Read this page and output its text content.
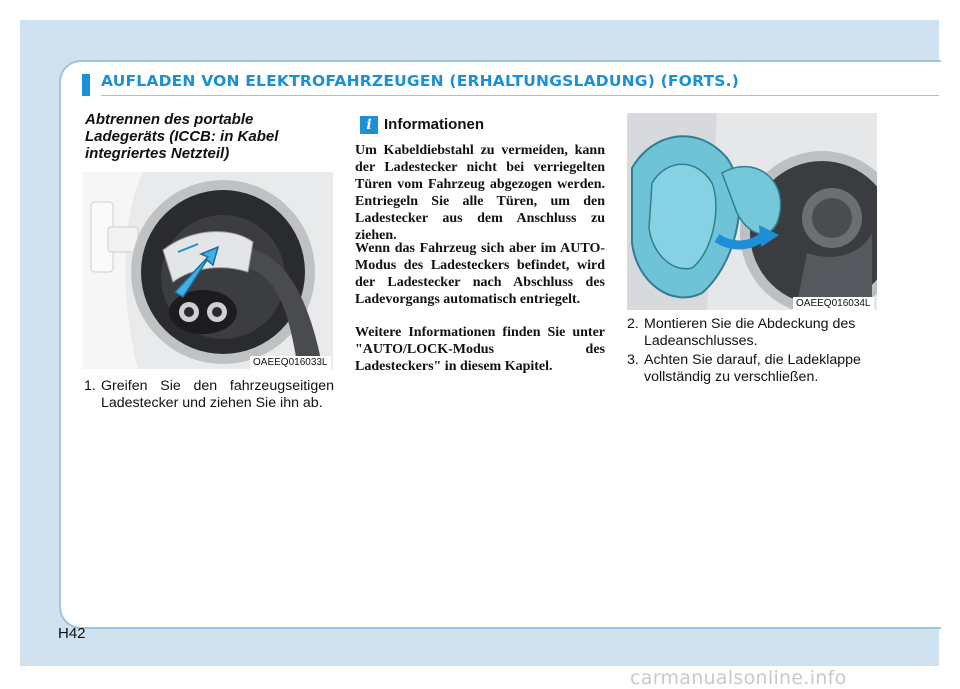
AUFLADEN VON ELEKTROFAHRZEUGEN (ERHALTUNGSLADUNG) (FORTS.)
Abtrennen des portable Ladegeräts (ICCB: in Kabel integriertes Netzteil)
OAEEQ016033L
1. Greifen Sie den fahrzeugseitigen Ladestecker und ziehen Sie ihn ab.
i Informationen

Um Kabeldiebstahl zu vermeiden, kann der Ladestecker nicht bei verriegelten Türen vom Fahrzeug abgezogen werden. Entriegeln Sie alle Türen, um den Ladestecker aus dem Anschluss zu ziehen.

Wenn das Fahrzeug sich aber im AUTO-Modus des Ladesteckers befindet, wird der Ladestecker nach Abschluss des Ladevorgangs automatisch entriegelt.

Weitere Informationen finden Sie unter "AUTO/LOCK-Modus des Ladesteckers" in diesem Kapitel.

OAEEQ016034L
2. Montieren Sie die Abdeckung des Ladeanschlusses.
3. Achten Sie darauf, die Ladeklappe vollständig zu verschließen.
H42
carmanualsonline.info
